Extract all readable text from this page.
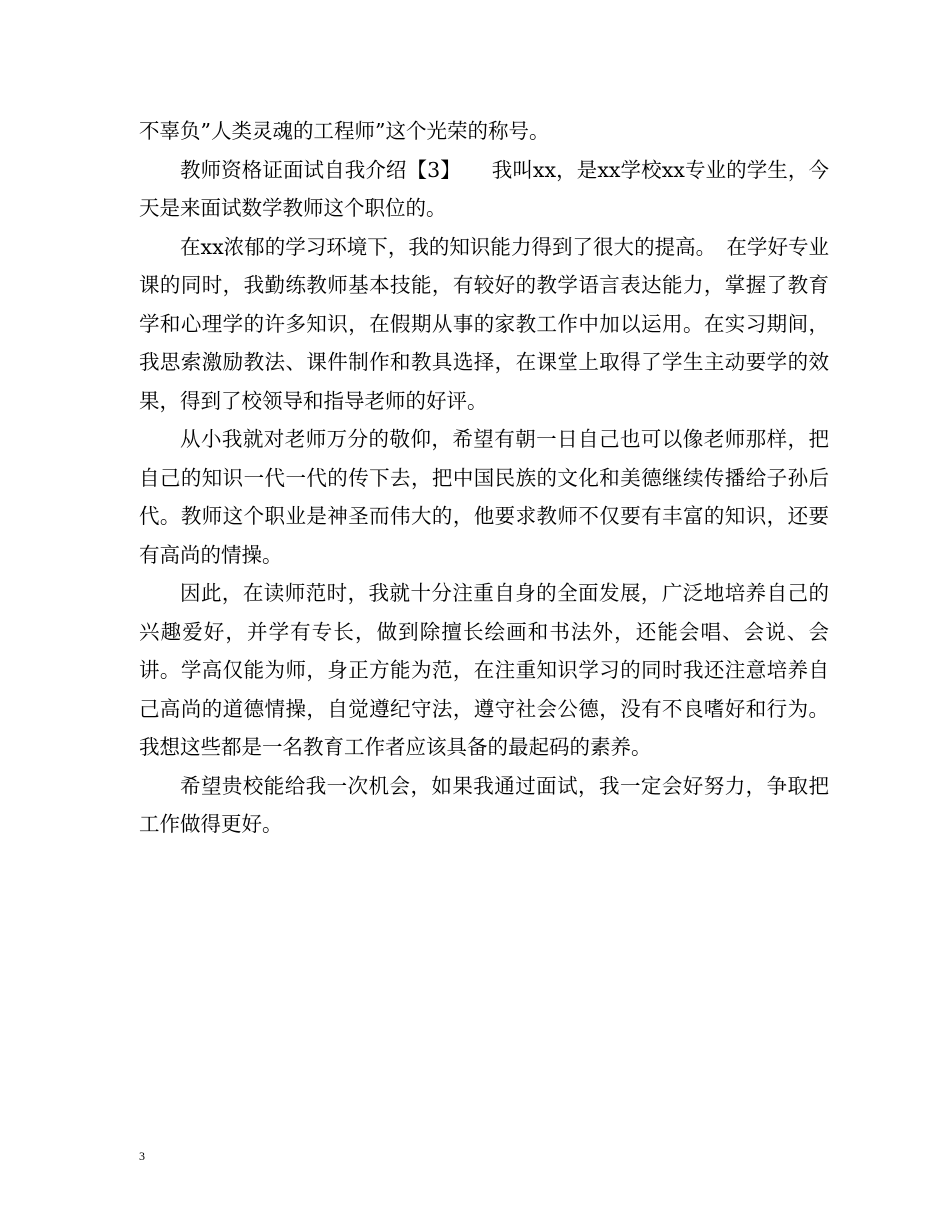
不辜负”人类灵魂的工程师”这个光荣的称号。

教师资格证面试自我介绍【3】　　我叫xx，是xx学校xx专业的学生，今天是来面试数学教师这个职位的。

在xx浓郁的学习环境下，我的知识能力得到了很大的提高。　在学好专业课的同时，我勤练教师基本技能，有较好的教学语言表达能力，掌握了教育学和心理学的许多知识，在假期从事的家教工作中加以运用。在实习期间，我思索激励教法、课件制作和教具选择，在课堂上取得了学生主动要学的效果，得到了校领导和指导老师的好评。

从小我就对老师万分的敬仰，希望有朝一日自己也可以像老师那样，把自己的知识一代一代的传下去，把中国民族的文化和美德继续传播给子孙后代。教师这个职业是神圣而伟大的，他要求教师不仅要有丰富的知识，还要有高尚的情操。

因此，在读师范时，我就十分注重自身的全面发展，广泛地培养自己的兴趣爱好，并学有专长，做到除擅长绘画和书法外，还能会唱、会说、会讲。学高仅能为师，身正方能为范，在注重知识学习的同时我还注意培养自己高尚的道德情操，自觉遵纪守法，遵守社会公德，没有不良嗜好和行为。我想这些都是一名教育工作者应该具备的最起码的素养。

希望贵校能给我一次机会，如果我通过面试，我一定会好努力，争取把工作做得更好。

3
